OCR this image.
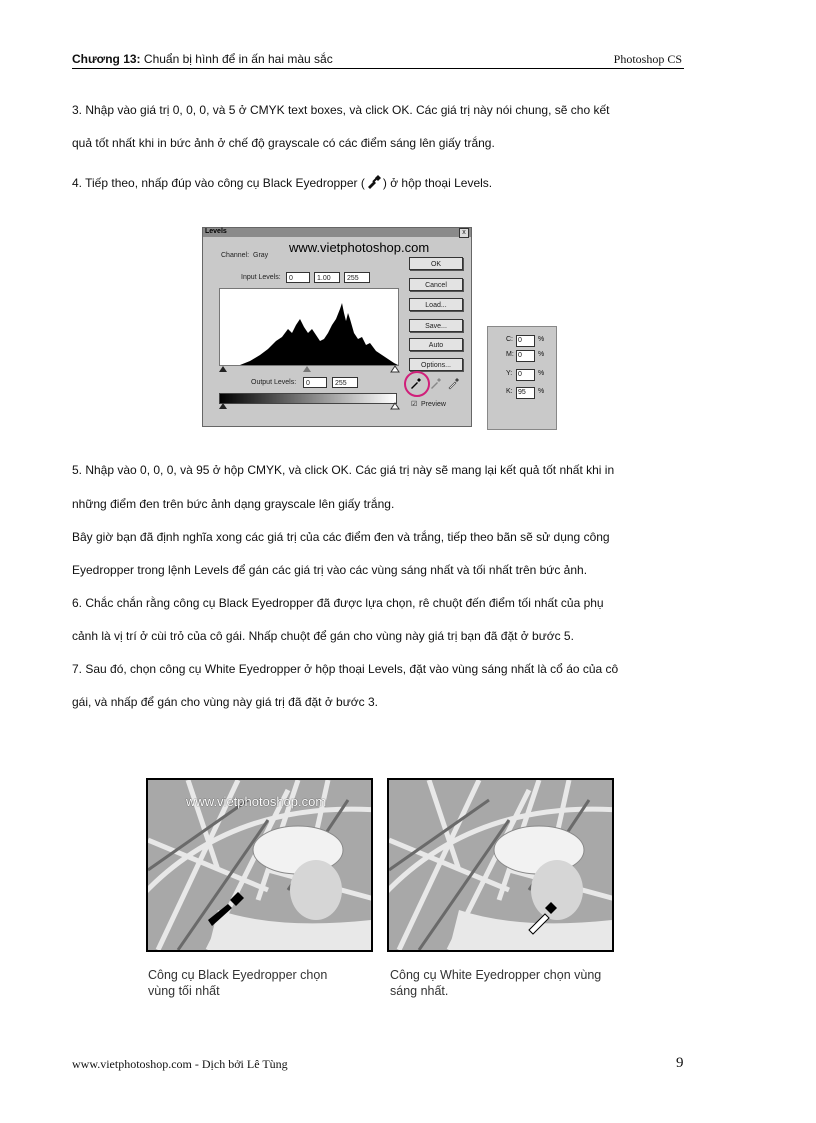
Chương 13: Chuẩn bị hình để in ấn hai màu sắc	Photoshop CS
3. Nhập vào giá trị 0, 0, 0, và 5 ở CMYK text boxes, và click OK. Các giá trị này nói chung, sẽ cho kết
quả tốt nhất khi in bức ảnh ở chế độ grayscale có các điểm sáng lên giấy trắng.
4. Tiếp theo, nhấp đúp vào công cụ Black Eyedropper ( ) ở hộp thoại Levels.
Levels	x
www.vietphotoshop.com
Channel: Gray
Input Levels:	0	1.00	255
Output Levels:	0	255
OK
Cancel
Load...
Save...
Auto
Options...
☑ Preview
C: 0	%
M: 0	%
Y: 0	%
K: 95	%
5. Nhập vào 0, 0, 0, và 95 ở hộp CMYK, và click OK. Các giá trị này sẽ mang lại kết quả tốt nhất khi in
những điểm đen trên bức ảnh dạng grayscale lên giấy trắng.
Bây giờ bạn đã định nghĩa xong các giá trị của các điểm đen và trắng, tiếp theo bãn sẽ sử dụng công
Eyedropper trong lệnh Levels để gán các giá trị vào các vùng sáng nhất và tối nhất trên bức ảnh.
6. Chắc chắn rằng công cụ Black Eyedropper đã được lựa chọn, rê chuột đến điểm tối nhất của phụ
cảnh là vị trí ở cùi trỏ của cô gái. Nhấp chuột để gán cho vùng này giá trị bạn đã đặt ở bước 5.
7. Sau đó, chọn công cụ White Eyedropper ở hộp thoại Levels, đặt vào vùng sáng nhất là cổ áo của cô
gái, và nhấp để gán cho vùng này giá trị đã đặt ở bước 3.
www.vietphotoshop.com
Công cụ Black Eyedropper chọn
vùng tối nhất
Công cụ White Eyedropper chọn vùng
sáng nhất.
www.vietphotoshop.com - Dịch bởi Lê Tùng	9
